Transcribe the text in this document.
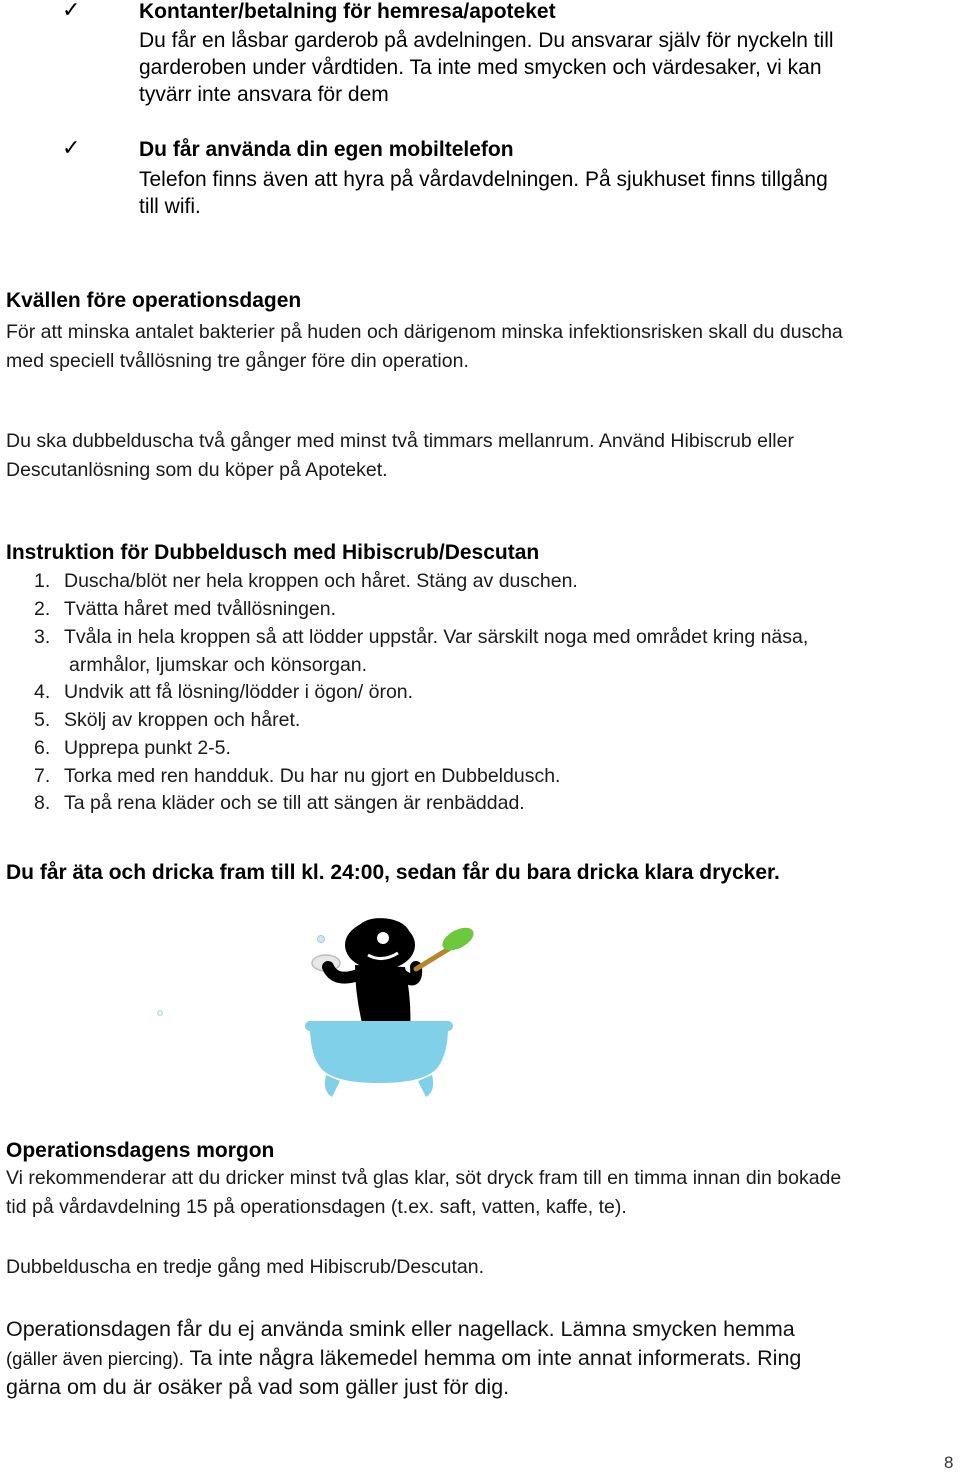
✓	Kontanter/betalning för hemresa/apoteket
Du får en låsbar garderob på avdelningen. Du ansvarar själv för nyckeln till
garderoben under vårdtiden. Ta inte med smycken och värdesaker, vi kan
tyvärr inte ansvara för dem
✓	Du får använda din egen mobiltelefon
Telefon finns även att hyra på vårdavdelningen. På sjukhuset finns tillgång
till wifi.
Kvällen före operationsdagen
För att minska antalet bakterier på huden och därigenom minska infektionsrisken skall du duscha
med speciell tvållösning tre gånger före din operation.
Du ska dubbelduscha två gånger med minst två timmars mellanrum. Använd Hibiscrub eller
Descutanlösning som du köper på Apoteket.
Instruktion för Dubbeldusch med Hibiscrub/Descutan
1. Duscha/blöt ner hela kroppen och håret. Stäng av duschen.
2. Tvätta håret med tvållösningen.
3. Tvåla in hela kroppen så att lödder uppstår. Var särskilt noga med området kring näsa,
armhålor, ljumskar och könsorgan.
4. Undvik att få lösning/lödder i ögon/ öron.
5. Skölj av kroppen och håret.
6. Upprepa punkt 2-5.
7. Torka med ren handduk. Du har nu gjort en Dubbeldusch.
8. Ta på rena kläder och se till att sängen är renbäddad.
Du får äta och dricka fram till kl. 24:00, sedan får du bara dricka klara drycker.
Operationsdagens morgon
Vi rekommenderar att du dricker minst två glas klar, söt dryck fram till en timma innan din bokade
tid på vårdavdelning 15 på operationsdagen (t.ex. saft, vatten, kaffe, te).
Dubbelduscha en tredje gång med Hibiscrub/Descutan.
Operationsdagen får du ej använda smink eller nagellack. Lämna smycken hemma
(gäller även piercing). Ta inte några läkemedel hemma om inte annat informerats. Ring
gärna om du är osäker på vad som gäller just för dig.
8
